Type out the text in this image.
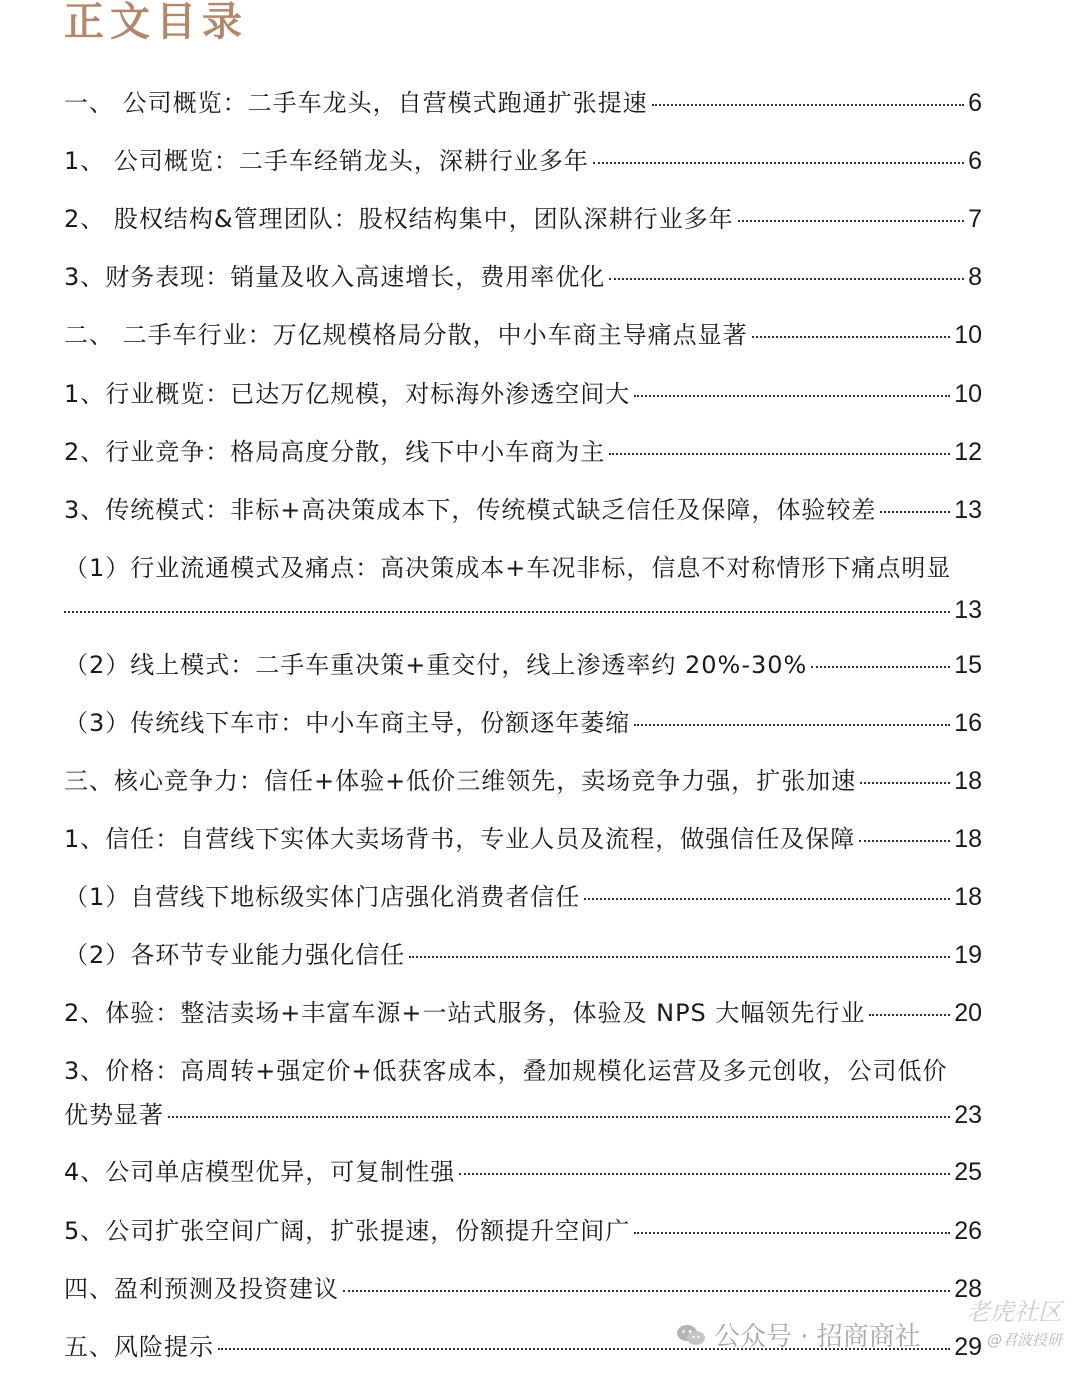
正文目录
一、 公司概览：二手车龙头，自营模式跑通扩张提速	6
1、 公司概览：二手车经销龙头，深耕行业多年	6
2、 股权结构&管理团队：股权结构集中，团队深耕行业多年	7
3、财务表现：销量及收入高速增长，费用率优化	8
二、 二手车行业：万亿规模格局分散，中小车商主导痛点显著	10
1、行业概览：已达万亿规模，对标海外渗透空间大	10
2、行业竞争：格局高度分散，线下中小车商为主	12
3、传统模式：非标+高决策成本下，传统模式缺乏信任及保障，体验较差	13
（1）行业流通模式及痛点：高决策成本+车况非标，信息不对称情形下痛点明显
13
（2）线上模式：二手车重决策+重交付，线上渗透率约 20%-30%	15
（3）传统线下车市：中小车商主导，份额逐年萎缩	16
三、核心竞争力：信任+体验+低价三维领先，卖场竞争力强，扩张加速	18
1、信任：自营线下实体大卖场背书，专业人员及流程，做强信任及保障	18
（1）自营线下地标级实体门店强化消费者信任	18
（2）各环节专业能力强化信任	19
2、体验：整洁卖场+丰富车源+一站式服务，体验及 NPS 大幅领先行业	20
3、价格：高周转+强定价+低获客成本，叠加规模化运营及多元创收，公司低价
优势显著	23
4、公司单店模型优异，可复制性强	25
5、公司扩张空间广阔，扩张提速，份额提升空间广	26
四、盈利预测及投资建议	28
五、风险提示	29
公众号 · 招商商社
老虎社区
@君波投研
